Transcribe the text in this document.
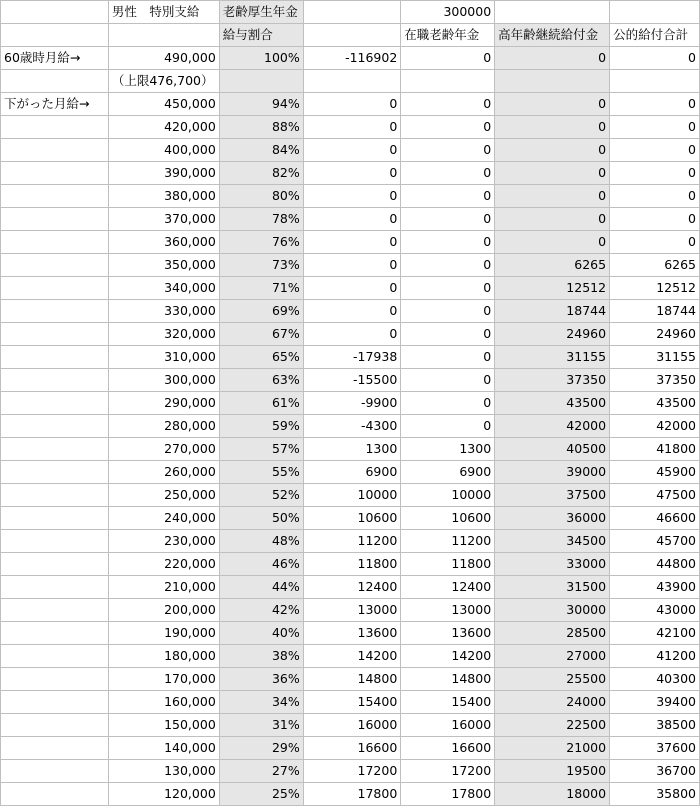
	男性　特別支給	老齢厚生年金		300000		
		給与割合		在職老齢年金	高年齢継続給付金	公的給付合計
60歳時月給→	490,000	100%	-116902	0	0	0
	（上限476,700）					
下がった月給→	450,000	94%	0	0	0	0
	420,000	88%	0	0	0	0
	400,000	84%	0	0	0	0
	390,000	82%	0	0	0	0
	380,000	80%	0	0	0	0
	370,000	78%	0	0	0	0
	360,000	76%	0	0	0	0
	350,000	73%	0	0	6265	6265
	340,000	71%	0	0	12512	12512
	330,000	69%	0	0	18744	18744
	320,000	67%	0	0	24960	24960
	310,000	65%	-17938	0	31155	31155
	300,000	63%	-15500	0	37350	37350
	290,000	61%	-9900	0	43500	43500
	280,000	59%	-4300	0	42000	42000
	270,000	57%	1300	1300	40500	41800
	260,000	55%	6900	6900	39000	45900
	250,000	52%	10000	10000	37500	47500
	240,000	50%	10600	10600	36000	46600
	230,000	48%	11200	11200	34500	45700
	220,000	46%	11800	11800	33000	44800
	210,000	44%	12400	12400	31500	43900
	200,000	42%	13000	13000	30000	43000
	190,000	40%	13600	13600	28500	42100
	180,000	38%	14200	14200	27000	41200
	170,000	36%	14800	14800	25500	40300
	160,000	34%	15400	15400	24000	39400
	150,000	31%	16000	16000	22500	38500
	140,000	29%	16600	16600	21000	37600
	130,000	27%	17200	17200	19500	36700
	120,000	25%	17800	17800	18000	35800
